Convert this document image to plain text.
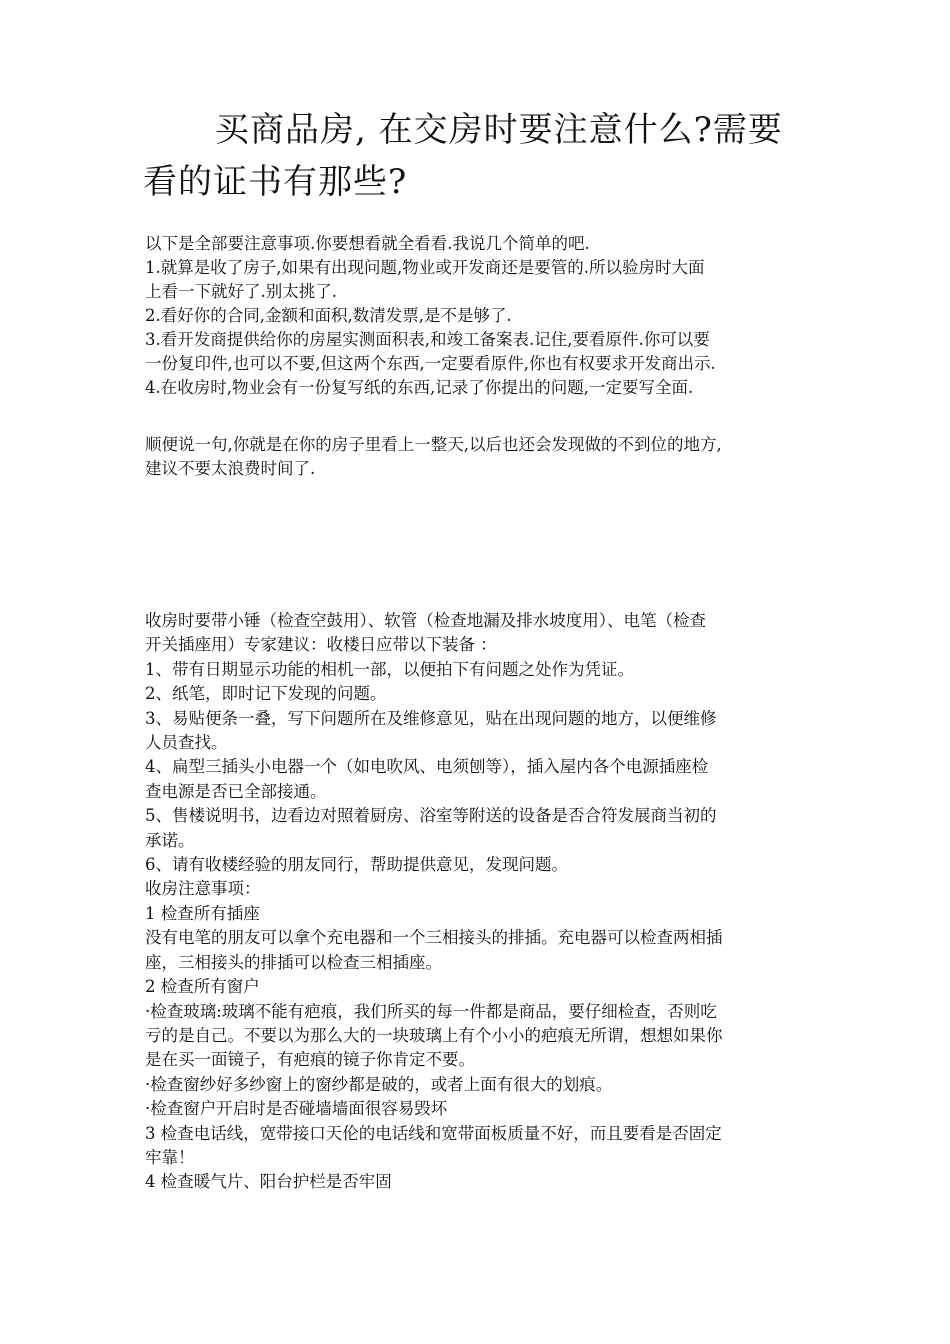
买商品房, 在交房时要注意什么?需要
看的证书有那些?

以下是全部要注意事项.你要想看就全看看.我说几个简单的吧.

1.就算是收了房子,如果有出现问题,物业或开发商还是要管的.所以验房时大面

上看一下就好了.别太挑了.

2.看好你的合同,金额和面积,数清发票,是不是够了.

3.看开发商提供给你的房屋实测面积表,和竣工备案表.记住,要看原件.你可以要

一份复印件,也可以不要,但这两个东西,一定要看原件,你也有权要求开发商出示.

4.在收房时,物业会有一份复写纸的东西,记录了你提出的问题,一定要写全面.

顺便说一句,你就是在你的房子里看上一整天,以后也还会发现做的不到位的地方,

建议不要太浪费时间了.

收房时要带小锤（检查空鼓用）、软管（检查地漏及排水坡度用）、电笔（检查

开关插座用）专家建议：收楼日应带以下装备 ：

1、带有日期显示功能的相机一部，以便拍下有问题之处作为凭证。

2、纸笔，即时记下发现的问题。

3、易贴便条一叠，写下问题所在及维修意见，贴在出现问题的地方，以便维修

人员查找。

4、扁型三插头小电器一个（如电吹风、电须刨等），插入屋内各个电源插座检

查电源是否已全部接通。

5、售楼说明书，边看边对照着厨房、浴室等附送的设备是否合符发展商当初的

承诺。

6、请有收楼经验的朋友同行，帮助提供意见，发现问题。

收房注意事项：

1 检查所有插座

没有电笔的朋友可以拿个充电器和一个三相接头的排插。充电器可以检查两相插

座，三相接头的排插可以检查三相插座。

2 检查所有窗户

·检查玻璃:玻璃不能有疤痕，我们所买的每一件都是商品，要仔细检查，否则吃

亏的是自己。不要以为那么大的一块玻璃上有个小小的疤痕无所谓，想想如果你

是在买一面镜子，有疤痕的镜子你肯定不要。

·检查窗纱好多纱窗上的窗纱都是破的，或者上面有很大的划痕。

·检查窗户开启时是否碰墙墙面很容易毁坏

3 检查电话线，宽带接口天伦的电话线和宽带面板质量不好，而且要看是否固定

牢靠！

4 检查暖气片、阳台护栏是否牢固
